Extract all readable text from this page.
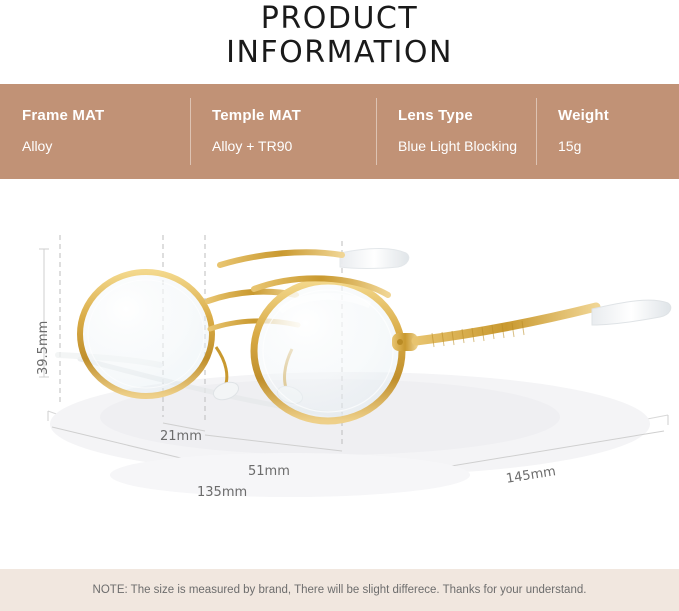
PRODUCT
INFORMATION
Frame MAT
Alloy
Temple MAT
Alloy + TR90
Lens Type
Blue Light Blocking
Weight
15g
39.5mm
21mm
51mm
135mm
145mm
NOTE: The size is measured by brand, There will be slight differece. Thanks for your understand.
